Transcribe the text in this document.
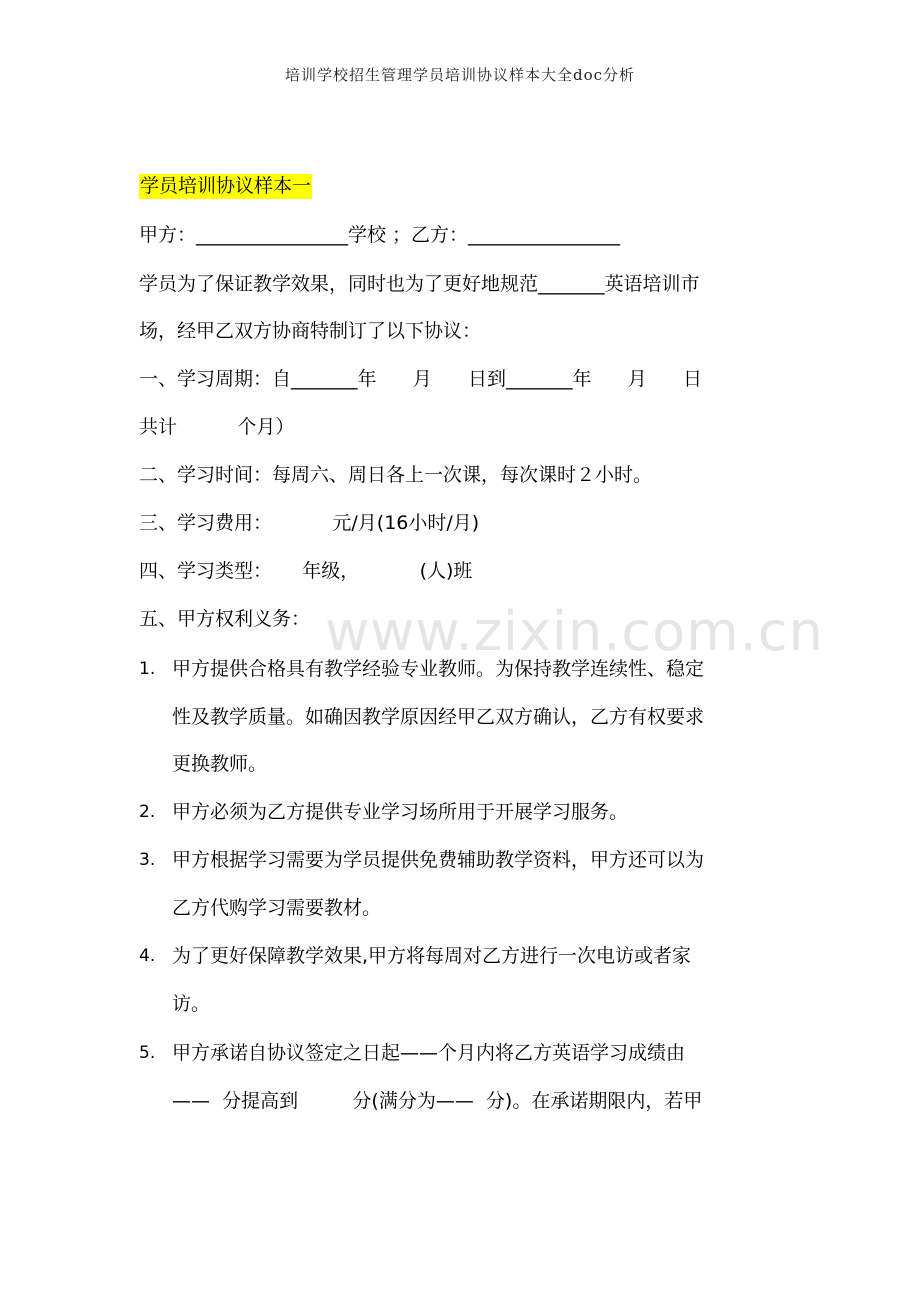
培训学校招生管理学员培训协议样本大全doc分析
www.zixin.com.cn
学员培训协议样本一
甲方：________________学校 ；乙方：________________
学员为了保证教学效果，同时也为了更好地规范_______英语培训市
场，经甲乙双方协商特制订了以下协议：
一、学习周期：自_______年      月      日到_______年      月      日
共计          个月）
二、学习时间：每周六、周日各上一次课，每次课时２小时。
三、学习费用：          元/月(16小时/月)
四、学习类型：     年级，          (人)班
五、甲方权利义务：
1. 甲方提供合格具有教学经验专业教师。为保持教学连续性、稳定
性及教学质量。如确因教学原因经甲乙双方确认，乙方有权要求
更换教师。
2. 甲方必须为乙方提供专业学习场所用于开展学习服务。
3. 甲方根据学习需要为学员提供免费辅助教学资料，甲方还可以为
乙方代购学习需要教材。
4. 为了更好保障教学效果,甲方将每周对乙方进行一次电访或者家
访。
5. 甲方承诺自协议签定之日起——个月内将乙方英语学习成绩由
——  分提高到         分(满分为——  分)。在承诺期限内，若甲
